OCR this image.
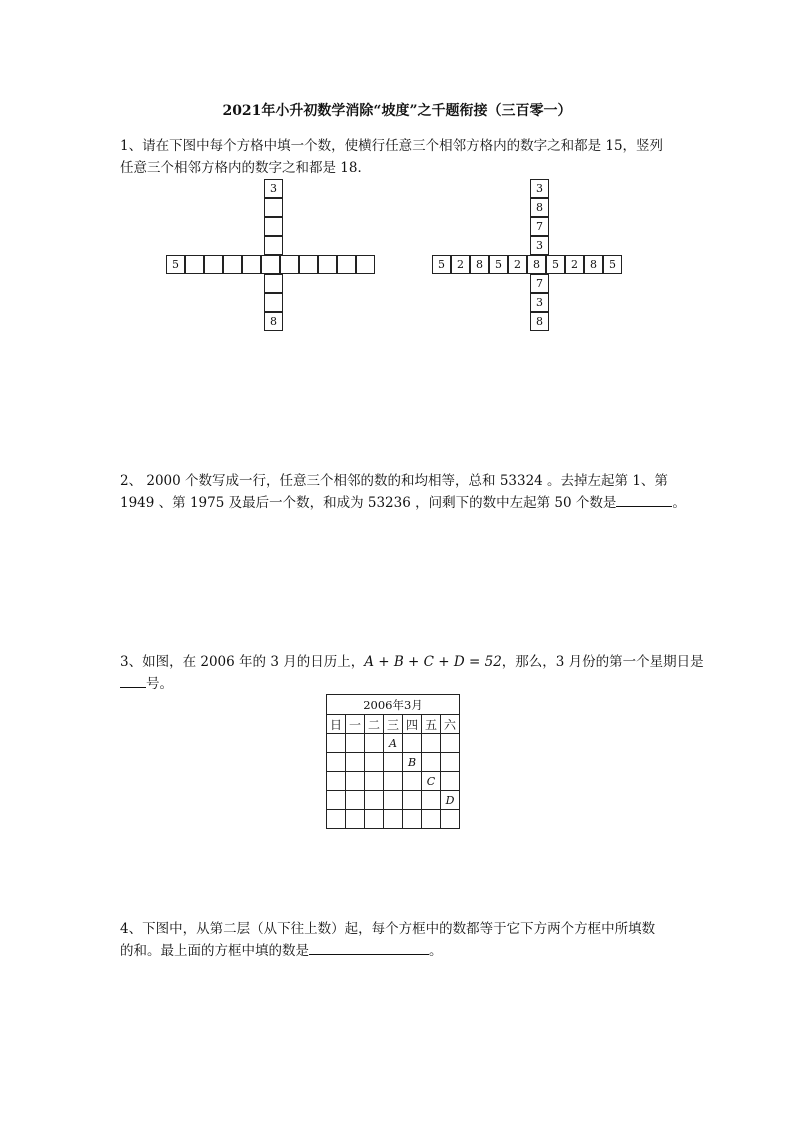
2021年小升初数学消除“坡度”之千题衔接（三百零一）
1、请在下图中每个方格中填一个数，使横行任意三个相邻方格内的数字之和都是 15，竖列
任意三个相邻方格内的数字之和都是 18．
5
3
8
5	2	8	5	2	8	5	2	8	5
3
8
7
3
7
3
8
2、 2000 个数写成一行，任意三个相邻的数的和均相等，总和 53324 。去掉左起第 1、第
1949 、第 1975 及最后一个数，和成为 53236 ，问剩下的数中左起第 50 个数是	。
3、如图，在 2006 年的 3 月的日历上，A + B + C + D = 52，那么，3 月份的第一个星期日是
号。
2006年3月						
日	一	二	三	四	五	六
			A			
				B		
					C	
						D

4、下图中，从第二层（从下往上数）起，每个方框中的数都等于它下方两个方框中所填数
的和。最上面的方框中填的数是	。
